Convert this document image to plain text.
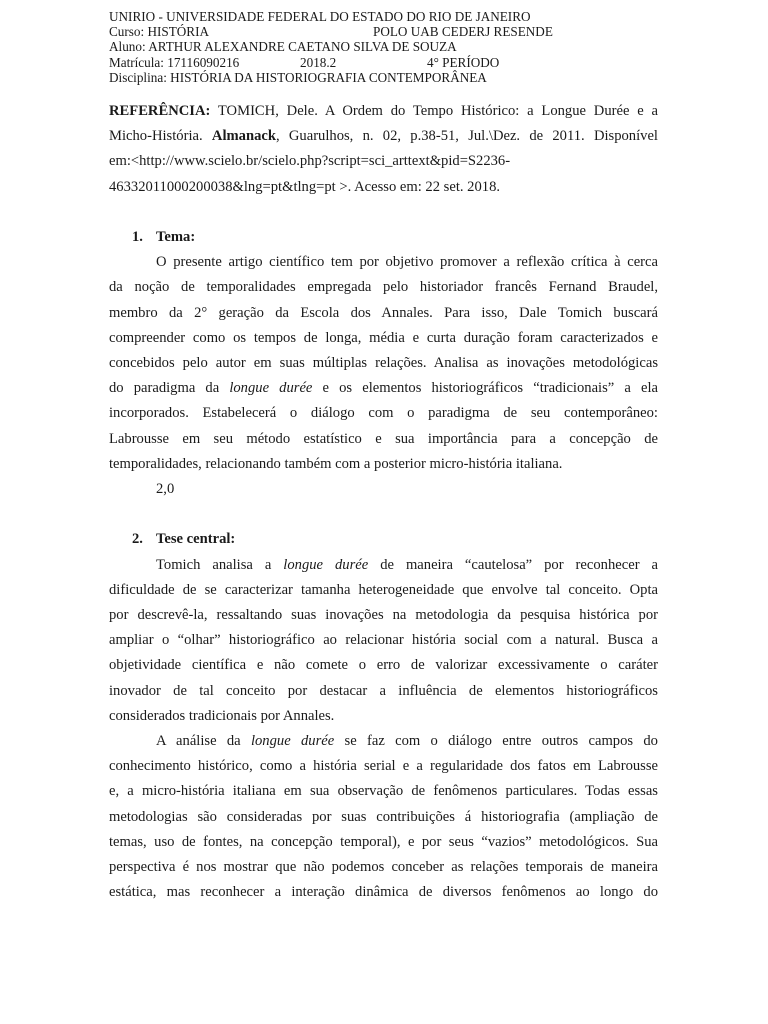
UNIRIO - UNIVERSIDADE FEDERAL DO ESTADO DO RIO DE JANEIRO
Curso: HISTÓRIA	POLO UAB CEDERJ RESENDE
Aluno: ARTHUR ALEXANDRE CAETANO SILVA DE SOUZA
Matrícula: 17116090216	2018.2	4° PERÍODO
Disciplina: HISTÓRIA DA HISTORIOGRAFIA CONTEMPORÂNEA
REFERÊNCIA: TOMICH, Dele. A Ordem do Tempo Histórico: a Longue Durée e a
Micho-História. Almanack, Guarulhos, n. 02, p.38-51, Jul.\Dez. de 2011. Disponível
em:<http://www.scielo.br/scielo.php?script=sci_arttext&pid=S2236-
46332011000200038&lng=pt&tlng=pt >. Acesso em: 22 set. 2018.
1. Tema:
O presente artigo científico tem por objetivo promover a reflexão crítica à cerca
da noção de temporalidades empregada pelo historiador francês Fernand Braudel,
membro da 2° geração da Escola dos Annales. Para isso, Dale Tomich buscará
compreender como os tempos de longa, média e curta duração foram caracterizados e
concebidos pelo autor em suas múltiplas relações. Analisa as inovações metodológicas
do paradigma da longue durée e os elementos historiográficos “tradicionais” a ela
incorporados. Estabelecerá o diálogo com o paradigma de seu contemporâneo:
Labrousse em seu método estatístico e sua importância para a concepção de
temporalidades, relacionando também com a posterior micro-história italiana.
2,0
2. Tese central:
Tomich analisa a longue durée de maneira “cautelosa” por reconhecer a
dificuldade de se caracterizar tamanha heterogeneidade que envolve tal conceito. Opta
por descrevê-la, ressaltando suas inovações na metodologia da pesquisa histórica por
ampliar o “olhar” historiográfico ao relacionar história social com a natural. Busca a
objetividade científica e não comete o erro de valorizar excessivamente o caráter
inovador de tal conceito por destacar a influência de elementos historiográficos
considerados tradicionais por Annales.
A análise da longue durée se faz com o diálogo entre outros campos do
conhecimento histórico, como a história serial e a regularidade dos fatos em Labrousse
e, a micro-história italiana em sua observação de fenômenos particulares. Todas essas
metodologias são consideradas por suas contribuições á historiografia (ampliação de
temas, uso de fontes, na concepção temporal), e por seus “vazios” metodológicos. Sua
perspectiva é nos mostrar que não podemos conceber as relações temporais de maneira
estática, mas reconhecer a interação dinâmica de diversos fenômenos ao longo do
